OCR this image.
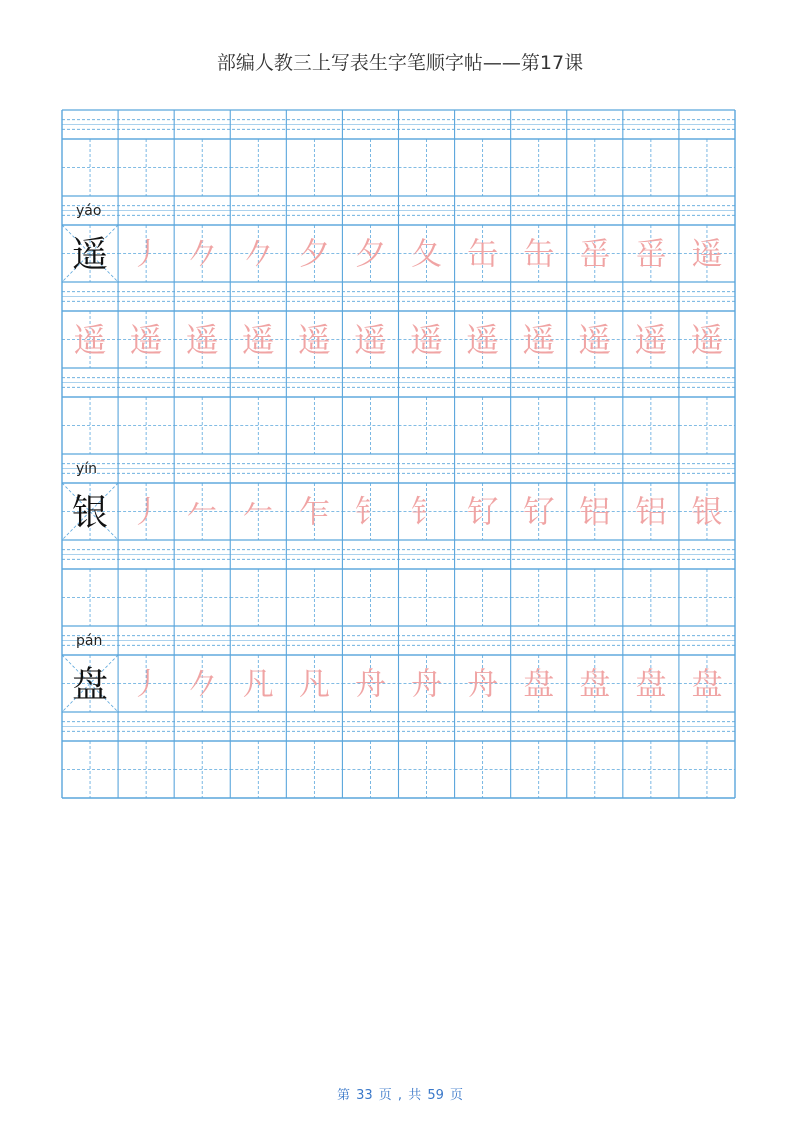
部编人教三上写表生字笔顺字帖——第17课
yáo
遥 丿 𠂊 𠂊 夕 夕 夂 缶 缶 䍃 䍃 遥
遥 遥 遥 遥 遥 遥 遥 遥 遥 遥 遥 遥
yín
银 丿 𠂉 𠂉 乍 钅 钅 钌 钌 铝 铝 银
pán
盘 丿 𠂊 凡 凡 舟 舟 舟 盘 盘 盘 盘
第 33 页 , 共 59 页
